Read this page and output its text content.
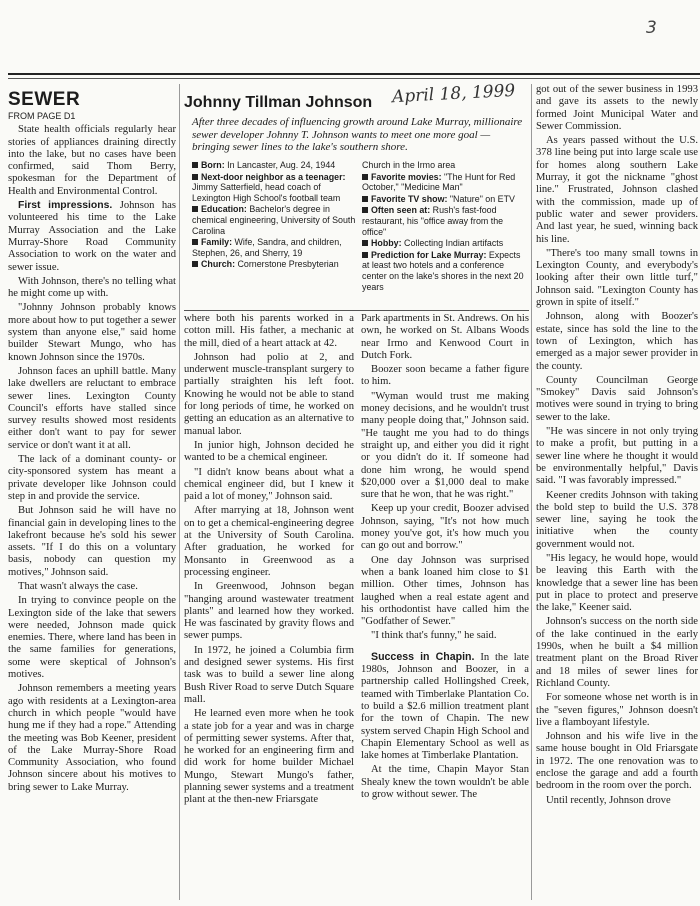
3
SEWER

FROM PAGE D1

State health officials regularly hear stories of appliances draining directly into the lake, but no cases have been confirmed, said Thom Berry, spokesman for the Department of Health and Environmental Control.

First impressions. Johnson has volunteered his time to the Lake Murray Association and the Lake Murray-Shore Road Community Association to work on the water and sewer issue.

With Johnson, there's no telling what he might come up with.

"Johnny Johnson probably knows more about how to put together a sewer system than anyone else," said home builder Stewart Mungo, who has known Johnson since the 1970s.

Johnson faces an uphill battle. Many lake dwellers are reluctant to embrace sewer lines. Lexington County Council's efforts have stalled since survey results showed most residents either don't want to pay for sewer service or don't want it at all.

The lack of a dominant county- or city-sponsored system has meant a private developer like Johnson could step in and provide the service.

But Johnson said he will have no financial gain in developing lines to the lakefront because he's sold his sewer assets. "If I do this on a voluntary basis, nobody can question my motives," Johnson said.

That wasn't always the case.

In trying to convince people on the Lexington side of the lake that sewers were needed, Johnson made quick enemies. There, where land has been in the same families for generations, some were skeptical of Johnson's motives.

Johnson remembers a meeting years ago with residents at a Lexington-area church in which people "would have hung me if they had a rope." Attending the meeting was Bob Keener, president of the Lake Murray-Shore Road Community Association, who found Johnson sincere about his motives to bring sewer to Lake Murray.

Johnny Tillman Johnson April 18, 1999
After three decades of influencing growth around Lake Murray, millionaire sewer developer Johnny T. Johnson wants to meet one more goal — bringing sewer lines to the lake's southern shore.
Born: In Lancaster, Aug. 24, 1944
Next-door neighbor as a teenager: Jimmy Satterfield, head coach of Lexington High School's football team
Education: Bachelor's degree in chemical engineering, University of South Carolina
Family: Wife, Sandra, and children, Stephen, 26, and Sherry, 19
Church: Cornerstone Presbyterian
Church in the Irmo area
Favorite movies: "The Hunt for Red October," "Medicine Man"
Favorite TV show: "Nature" on ETV
Often seen at: Rush's fast-food restaurant, his "office away from the office"
Hobby: Collecting Indian artifacts
Prediction for Lake Murray: Expects at least two hotels and a conference center on the lake's shores in the next 20 years

where both his parents worked in a cotton mill. His father, a mechanic at the mill, died of a heart attack at 42.

Johnson had polio at 2, and underwent muscle-transplant surgery to partially straighten his left foot. Knowing he would not be able to stand for long periods of time, he worked on getting an education as an alternative to manual labor.

In junior high, Johnson decided he wanted to be a chemical engineer.

"I didn't know beans about what a chemical engineer did, but I knew it paid a lot of money," Johnson said.

After marrying at 18, Johnson went on to get a chemical-engineering degree at the University of South Carolina. After graduation, he worked for Monsanto in Greenwood as a processing engineer.

In Greenwood, Johnson began "hanging around wastewater treatment plants" and learned how they worked. He was fascinated by gravity flows and sewer pumps.

In 1972, he joined a Columbia firm and designed sewer systems. His first task was to build a sewer line along Bush River Road to serve Dutch Square mall.

He learned even more when he took a state job for a year and was in charge of permitting sewer systems. After that, he worked for an engineering firm and did work for home builder Michael Mungo, Stewart Mungo's father, planning sewer systems and a treatment plant at the then-new Friarsgate

Park apartments in St. Andrews. On his own, he worked on St. Albans Woods near Irmo and Kenwood Court in Dutch Fork.

Boozer soon became a father figure to him.

"Wyman would trust me making money decisions, and he wouldn't trust many people doing that," Johnson said. "He taught me you had to do things straight up, and either you did it right or you didn't do it. If someone had done him wrong, he would spend $20,000 over a $1,000 deal to make sure that he won, that he was right."

Keep up your credit, Boozer advised Johnson, saying, "It's not how much money you've got, it's how much you can go out and borrow."

One day Johnson was surprised when a bank loaned him close to $1 million. Other times, Johnson has laughed when a real estate agent and his orthodontist have called him the "Godfather of Sewer."

"I think that's funny," he said.

Success in Chapin. In the late 1980s, Johnson and Boozer, in a partnership called Hollingshed Creek, teamed with Timberlake Plantation Co. to build a $2.6 million treatment plant for the town of Chapin. The new system served Chapin High School and Chapin Elementary School as well as lake homes at Timberlake Plantation.

At the time, Chapin Mayor Stan Shealy knew the town wouldn't be able to grow without sewer. The

got out of the sewer business in 1993 and gave its assets to the newly formed Joint Municipal Water and Sewer Commission.

As years passed without the U.S. 378 line being put into large scale use for homes along southern Lake Murray, it got the nickname "ghost line." Frustrated, Johnson clashed with the commission, made up of public water and sewer providers. And last year, he sued, winning back his line.

"There's too many small towns in Lexington County, and everybody's looking after their own little turf," Johnson said. "Lexington County has grown in spite of itself."

Johnson, along with Boozer's estate, since has sold the line to the town of Lexington, which has emerged as a major sewer provider in the county.

County Councilman George "Smokey" Davis said Johnson's motives were sound in trying to bring sewer to the lake.

"He was sincere in not only trying to make a profit, but putting in a sewer line where he thought it would be environmentally helpful," Davis said. "I was favorably impressed."

Keener credits Johnson with taking the bold step to build the U.S. 378 sewer line, saying he took the initiative when the county government would not.

"His legacy, he would hope, would be leaving this Earth with the knowledge that a sewer line has been put in place to protect and preserve the lake," Keener said.

Johnson's success on the north side of the lake continued in the early 1990s, when he built a $4 million treatment plant on the Broad River and 18 miles of sewer lines for Richland County.

For someone whose net worth is in the "seven figures," Johnson doesn't live a flamboyant lifestyle.

Johnson and his wife live in the same house bought in Old Friarsgate in 1972. The one renovation was to enclose the garage and add a fourth bedroom in the room over the porch.

Until recently, Johnson drove
